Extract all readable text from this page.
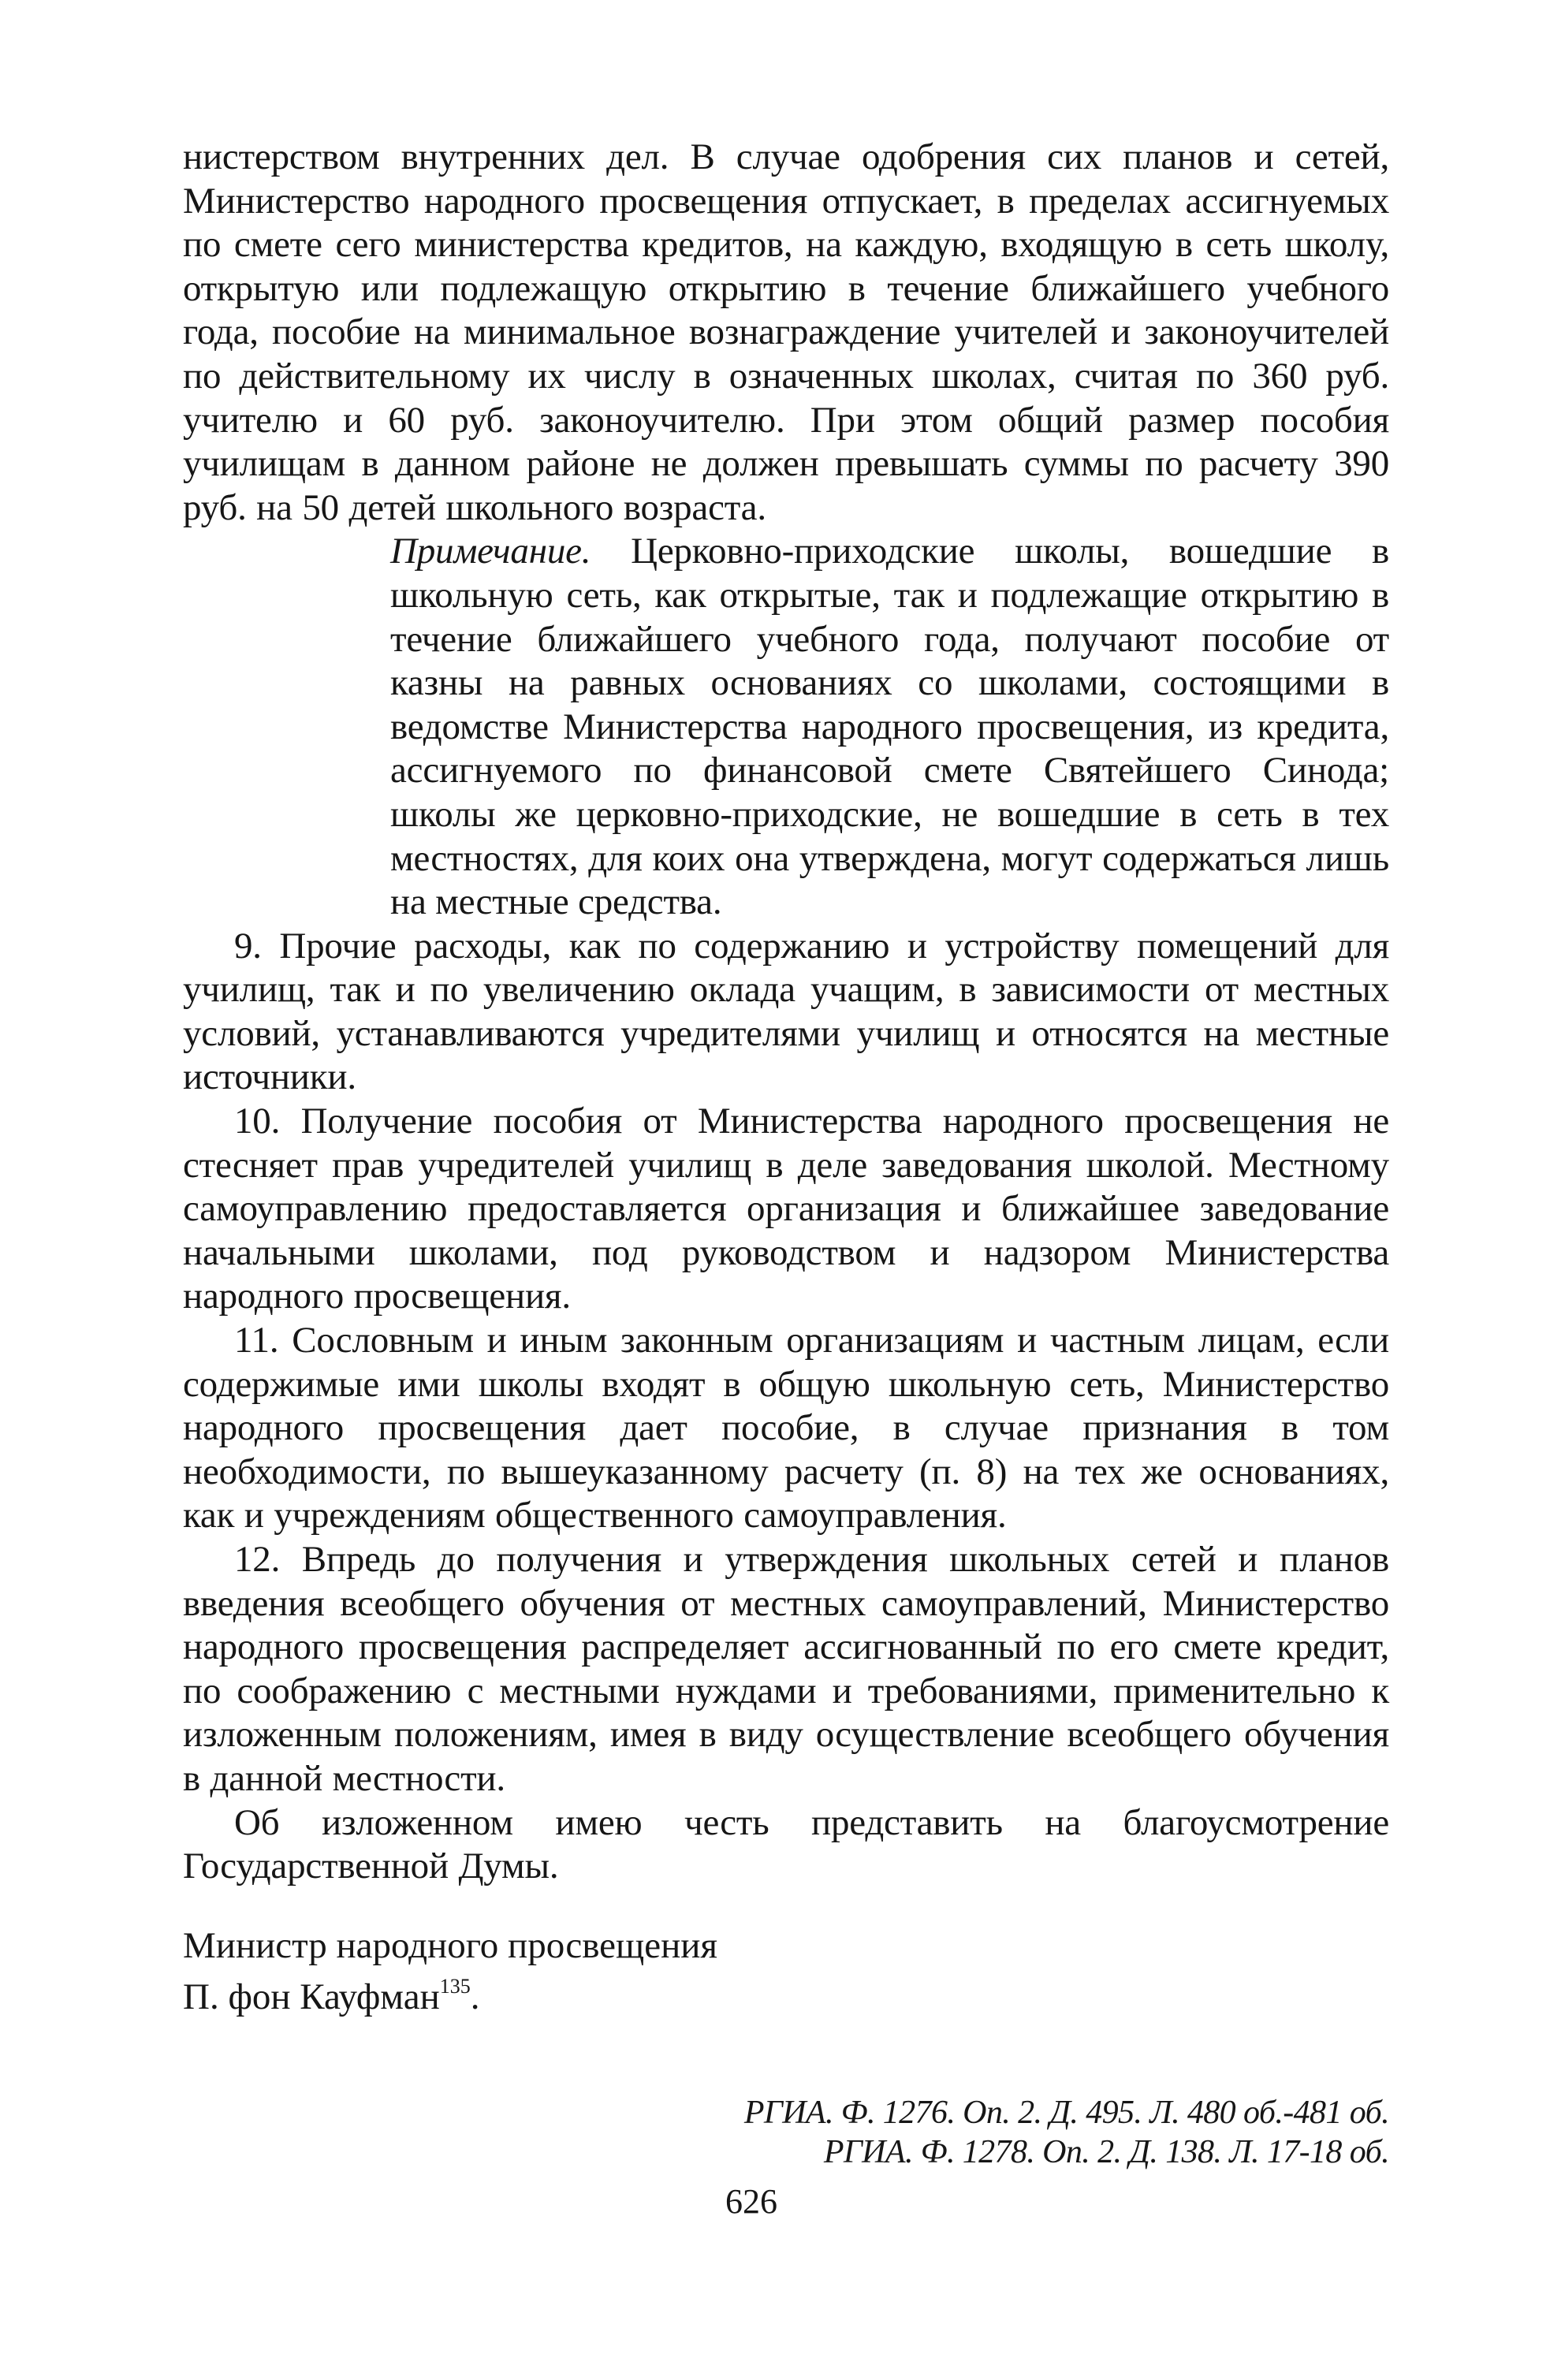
нистерством внутренних дел. В случае одобрения сих планов и сетей, Министерство народного просвещения отпускает, в пределах ассигнуемых по смете сего министерства кредитов, на каждую, входящую в сеть школу, открытую или подлежащую открытию в течение ближайшего учебного года, пособие на минимальное вознаграждение учителей и законоучителей по действительному их числу в означенных школах, считая по 360 руб. учителю и 60 руб. законоучителю. При этом общий размер пособия училищам в данном районе не должен превышать суммы по расчету 390 руб. на 50 детей школьного возраста.

Примечание. Церковно-приходские школы, вошедшие в школьную сеть, как открытые, так и подлежащие открытию в течение ближайшего учебного года, получают пособие от казны на равных основаниях со школами, состоящими в ведомстве Министерства народного просвещения, из кредита, ассигнуемого по финансовой смете Святейшего Синода; школы же церковно-приходские, не вошедшие в сеть в тех местностях, для коих она утверждена, могут содержаться лишь на местные средства.

9. Прочие расходы, как по содержанию и устройству помещений для училищ, так и по увеличению оклада учащим, в зависимости от местных условий, устанавливаются учредителями училищ и относятся на местные источники.

10. Получение пособия от Министерства народного просвещения не стесняет прав учредителей училищ в деле заведования школой. Местному самоуправлению предоставляется организация и ближайшее заведование начальными школами, под руководством и надзором Министерства народного просвещения.

11. Сословным и иным законным организациям и частным лицам, если содержимые ими школы входят в общую школьную сеть, Министерство народного просвещения дает пособие, в случае признания в том необходимости, по вышеуказанному расчету (п. 8) на тех же основаниях, как и учреждениям общественного самоуправления.

12. Впредь до получения и утверждения школьных сетей и планов введения всеобщего обучения от местных самоуправлений, Министерство народного просвещения распределяет ассигнованный по его смете кредит, по соображению с местными нуждами и требованиями, применительно к изложенным положениям, имея в виду осуществление всеобщего обучения в данной местности.

Об изложенном имею честь представить на благоусмотрение Государственной Думы.

Министр народного просвещения
П. фон Кауфман$^{135}$.
РГИА. Ф. 1276. Оп. 2. Д. 495. Л. 480 об.-481 об.
РГИА. Ф. 1278. Оп. 2. Д. 138. Л. 17-18 об.
626
